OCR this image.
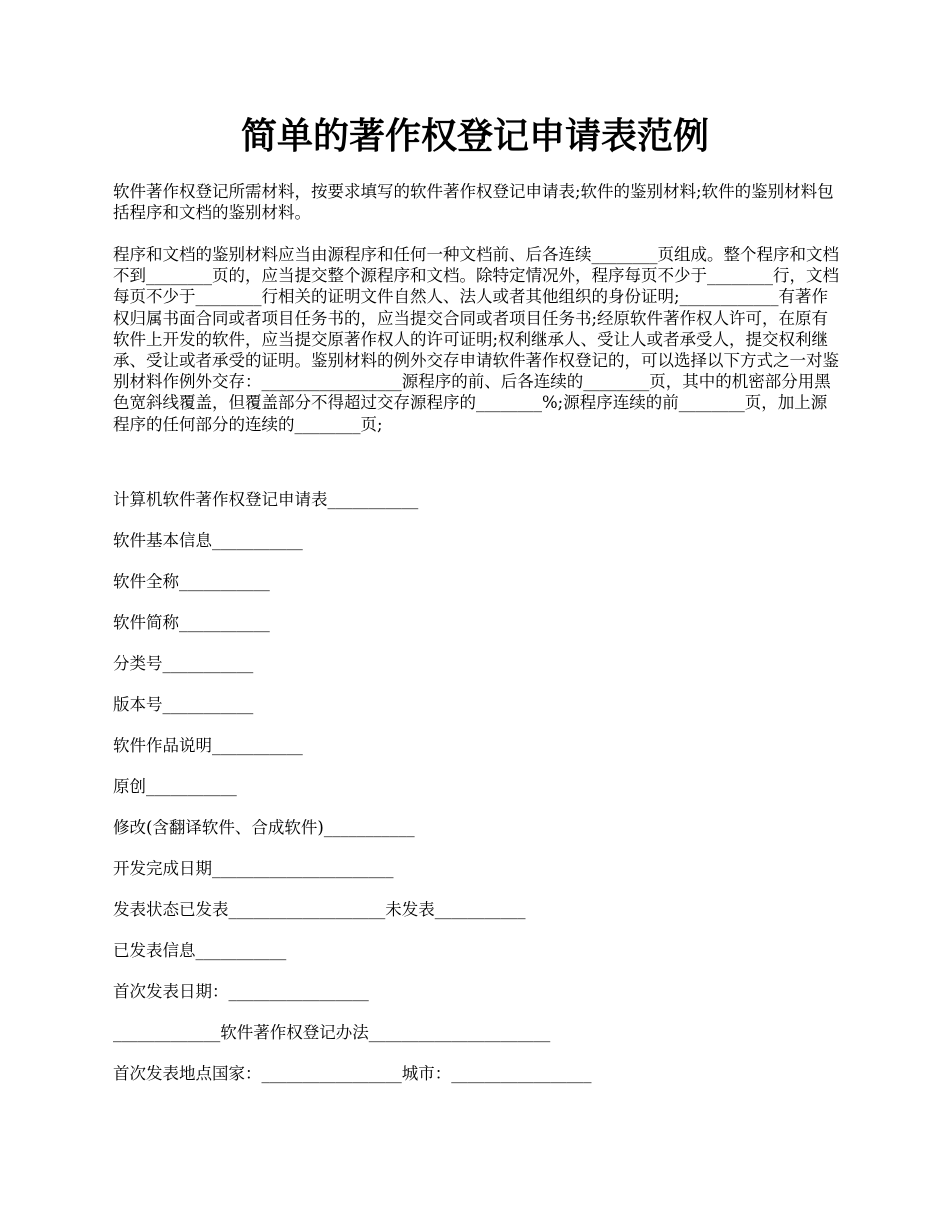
简单的著作权登记申请表范例

软件著作权登记所需材料，按要求填写的软件著作权登记申请表;软件的鉴别材料;软件的鉴别材料包括程序和文档的鉴别材料。

程序和文档的鉴别材料应当由源程序和任何一种文档前、后各连续________页组成。整个程序和文档不到________页的，应当提交整个源程序和文档。除特定情况外，程序每页不少于________行，文档每页不少于________行相关的证明文件自然人、法人或者其他组织的身份证明;____________有著作权归属书面合同或者项目任务书的，应当提交合同或者项目任务书;经原软件著作权人许可，在原有软件上开发的软件，应当提交原著作权人的许可证明;权利继承人、受让人或者承受人，提交权利继承、受让或者承受的证明。鉴别材料的例外交存申请软件著作权登记的，可以选择以下方式之一对鉴别材料作例外交存：_________________源程序的前、后各连续的________页，其中的机密部分用黑色宽斜线覆盖，但覆盖部分不得超过交存源程序的________%;源程序连续的前________页，加上源程序的任何部分的连续的________页;

计算机软件著作权登记申请表___________
软件基本信息___________
软件全称___________
软件简称___________
分类号___________
版本号___________
软件作品说明___________
原创___________
修改(含翻译软件、合成软件)___________
开发完成日期______________________
发表状态已发表___________________未发表___________
已发表信息___________
首次发表日期：_________________
_____________软件著作权登记办法______________________
首次发表地点国家：_________________城市：_________________
